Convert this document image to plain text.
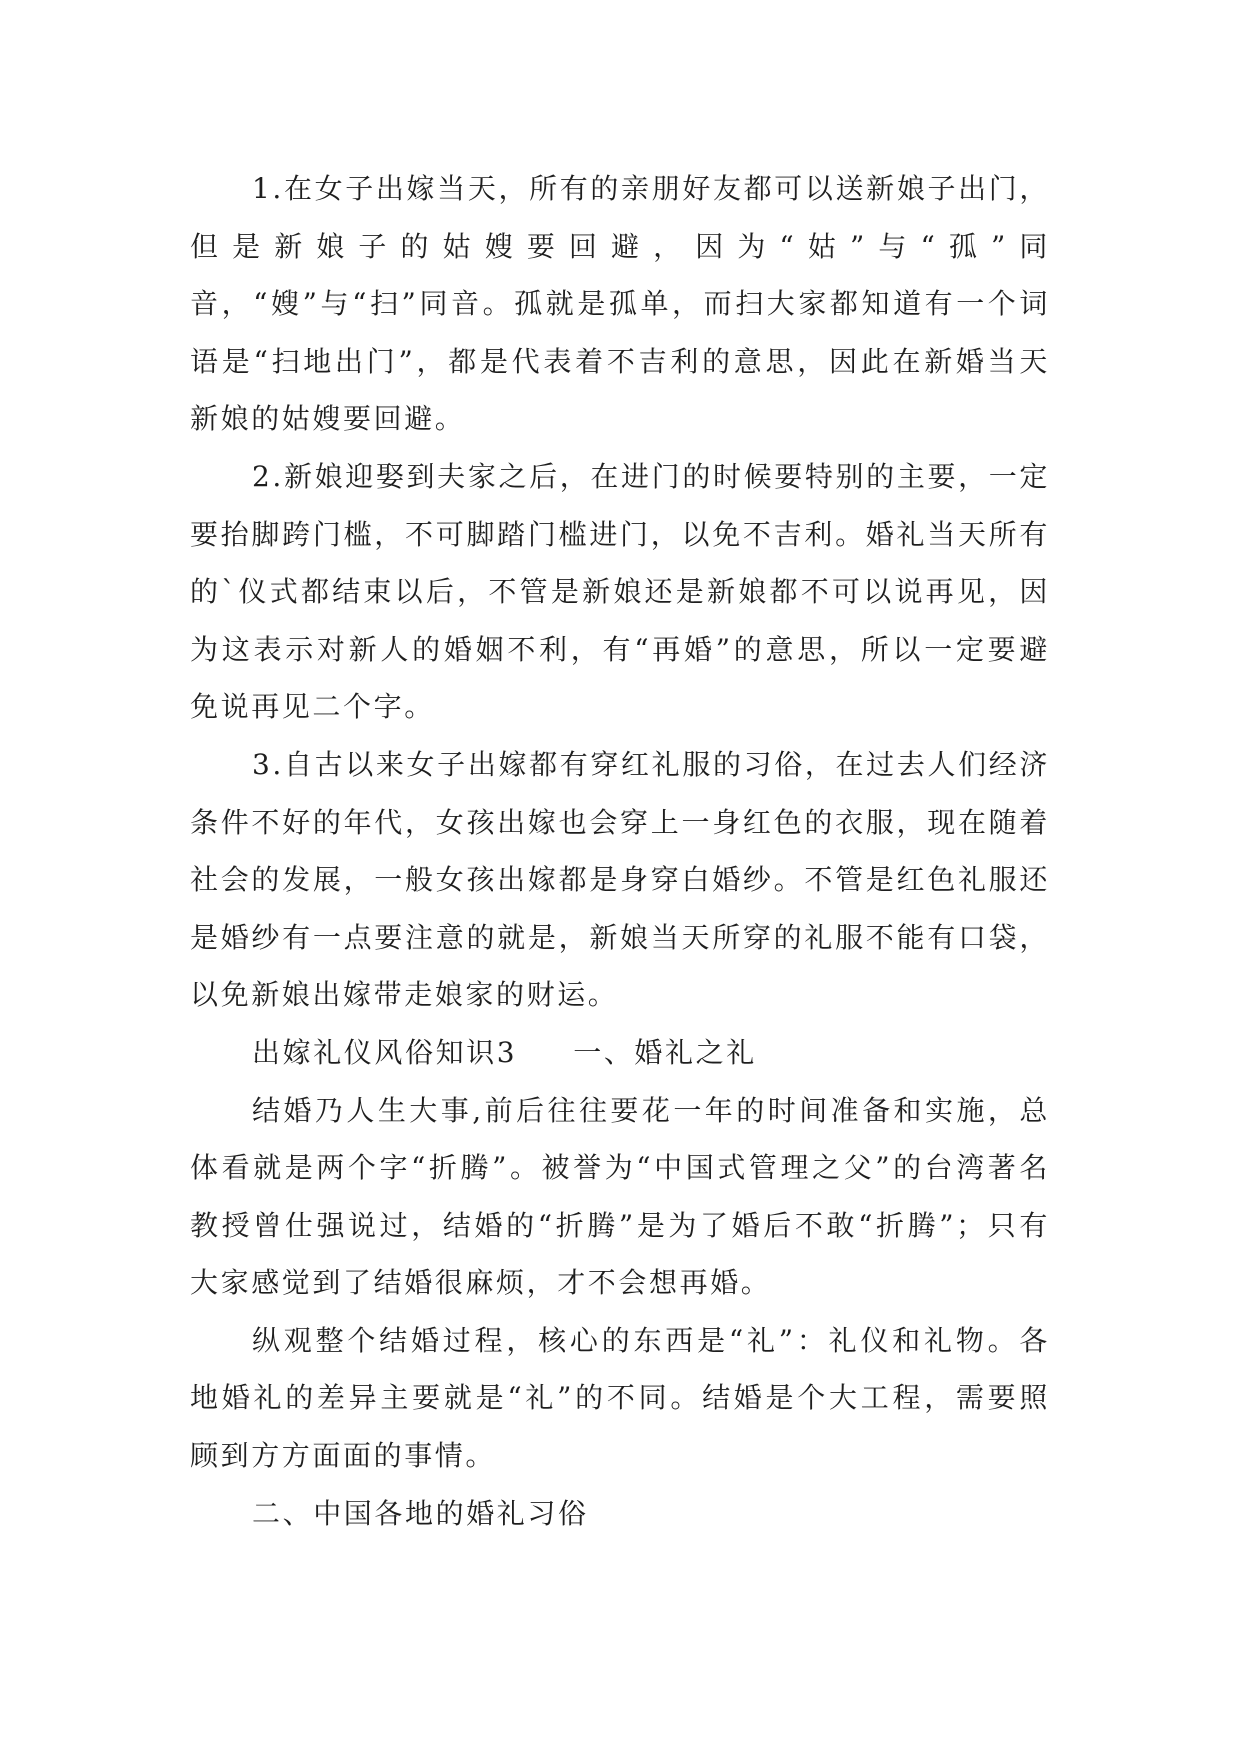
1.在女子出嫁当天，所有的亲朋好友都可以送新娘子出门，但是新娘子的姑嫂要回避，因为“姑”与“孤”同音，“嫂”与“扫”同音。孤就是孤单，而扫大家都知道有一个词语是“扫地出门”，都是代表着不吉利的意思，因此在新婚当天新娘的姑嫂要回避。

2.新娘迎娶到夫家之后，在进门的时候要特别的主要，一定要抬脚跨门槛，不可脚踏门槛进门，以免不吉利。婚礼当天所有的`仪式都结束以后，不管是新娘还是新娘都不可以说再见，因为这表示对新人的婚姻不利，有“再婚”的意思，所以一定要避免说再见二个字。

3.自古以来女子出嫁都有穿红礼服的习俗，在过去人们经济条件不好的年代，女孩出嫁也会穿上一身红色的衣服，现在随着社会的发展，一般女孩出嫁都是身穿白婚纱。不管是红色礼服还是婚纱有一点要注意的就是，新娘当天所穿的礼服不能有口袋，以免新娘出嫁带走娘家的财运。

出嫁礼仪风俗知识3 一、婚礼之礼

结婚乃人生大事,前后往往要花一年的时间准备和实施，总体看就是两个字“折腾”。被誉为“中国式管理之父”的台湾著名教授曾仕强说过，结婚的“折腾”是为了婚后不敢“折腾”；只有大家感觉到了结婚很麻烦，才不会想再婚。

纵观整个结婚过程，核心的东西是“礼”：礼仪和礼物。各地婚礼的差异主要就是“礼”的不同。结婚是个大工程，需要照顾到方方面面的事情。

二、中国各地的婚礼习俗
